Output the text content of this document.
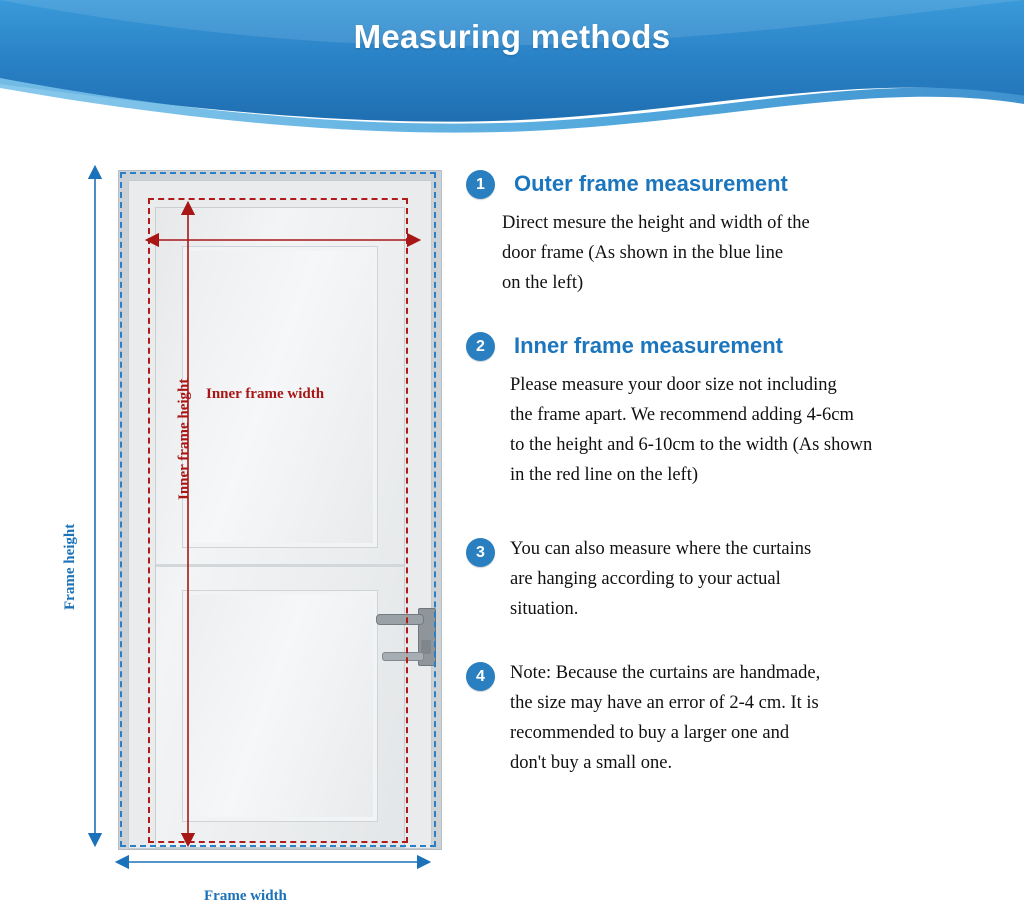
Measuring methods
Inner frame width
Inner frame height
Frame height
Frame width
1	Outer frame measurement
Direct mesure the height and width of the
door frame (As shown in the blue line
on the left)
2	Inner frame measurement
Please measure your door size not including
the frame apart. We recommend adding 4-6cm
to the height and 6-10cm to the width (As shown
in the red line on the left)
3	You can also measure where the curtains
are hanging according to your actual
situation.
4	Note: Because the curtains are handmade,
the size may have an error of 2-4 cm. It is
recommended to buy a larger one and
don't buy a small one.
